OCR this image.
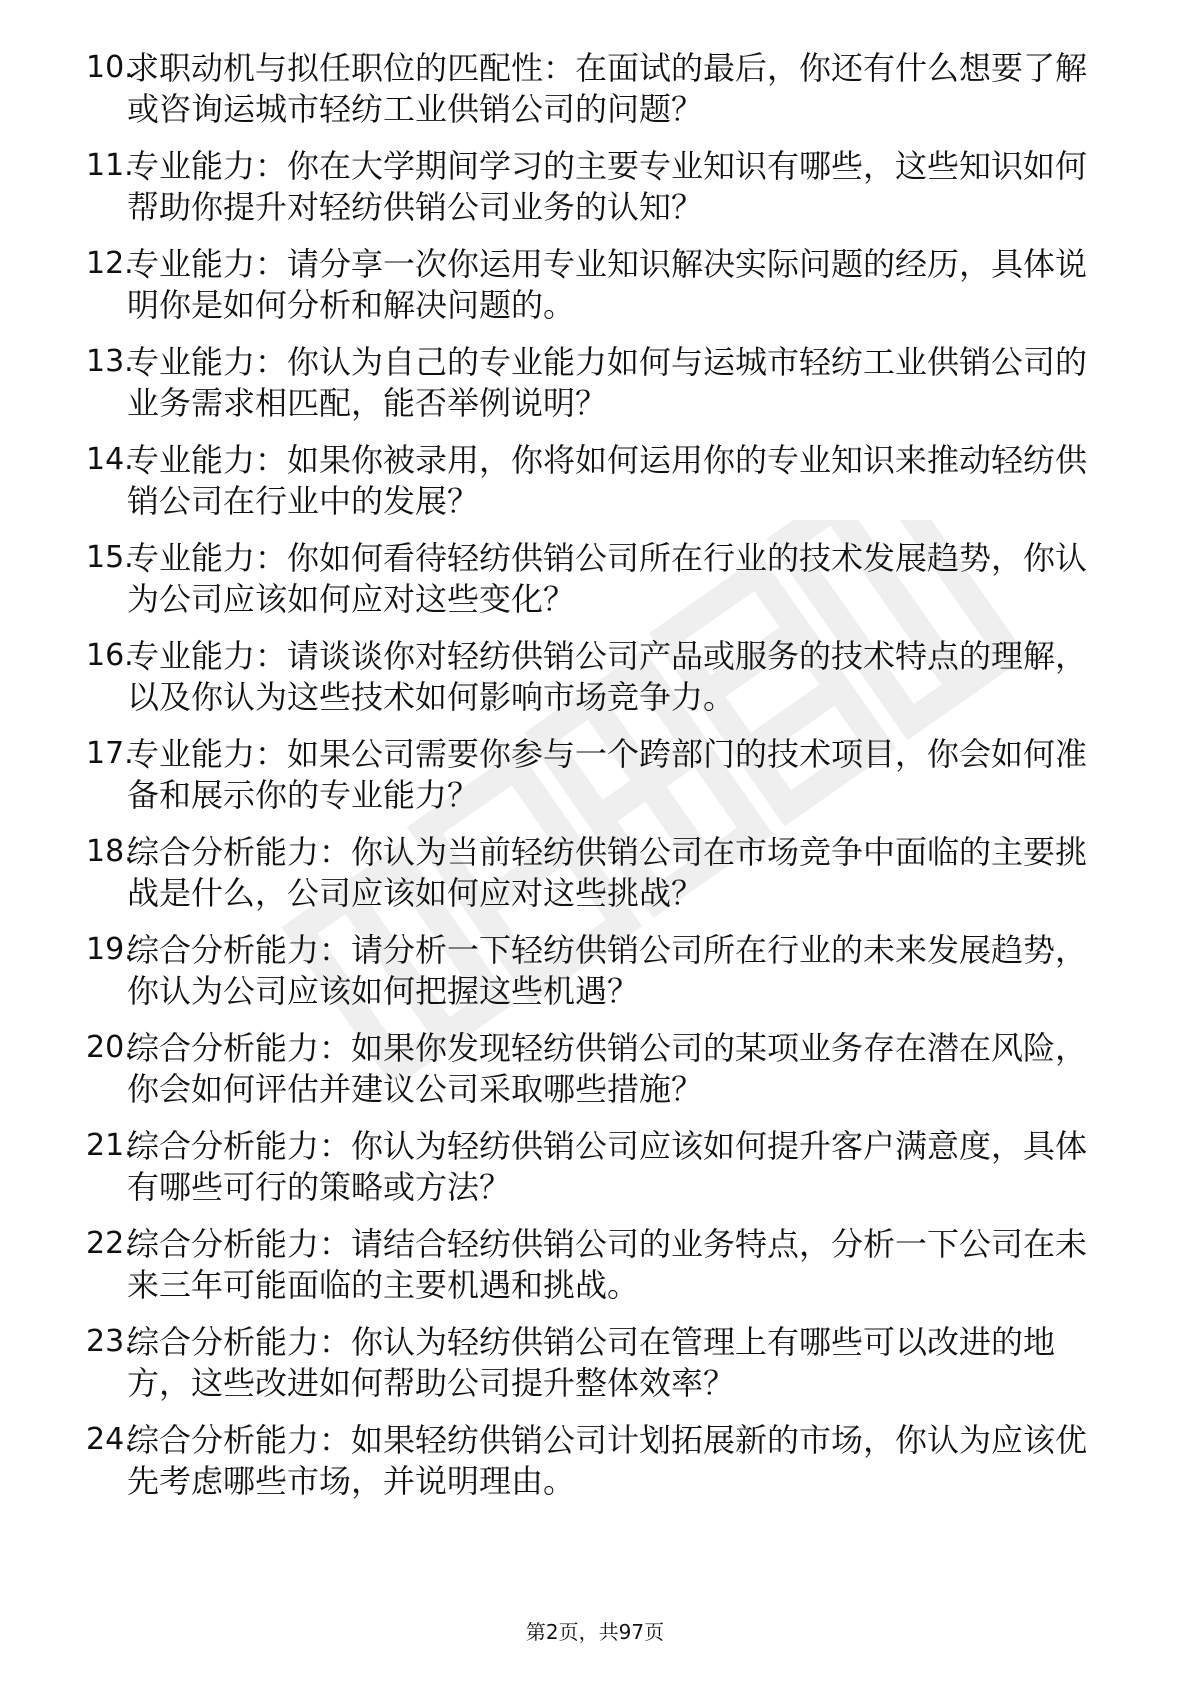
10.
求职动机与拟任职位的匹配性：在面试的最后，你还有什么想要了解或咨询运城市轻纺工业供销公司的问题？
11.
专业能力：你在大学期间学习的主要专业知识有哪些，这些知识如何帮助你提升对轻纺供销公司业务的认知？
12.
专业能力：请分享一次你运用专业知识解决实际问题的经历，具体说明你是如何分析和解决问题的。
13.
专业能力：你认为自己的专业能力如何与运城市轻纺工业供销公司的业务需求相匹配，能否举例说明？
14.
专业能力：如果你被录用，你将如何运用你的专业知识来推动轻纺供销公司在行业中的发展？
15.
专业能力：你如何看待轻纺供销公司所在行业的技术发展趋势，你认为公司应该如何应对这些变化？
16.
专业能力：请谈谈你对轻纺供销公司产品或服务的技术特点的理解，以及你认为这些技术如何影响市场竞争力。
17.
专业能力：如果公司需要你参与一个跨部门的技术项目，你会如何准备和展示你的专业能力？
18.
综合分析能力：你认为当前轻纺供销公司在市场竞争中面临的主要挑战是什么，公司应该如何应对这些挑战？
19.
综合分析能力：请分析一下轻纺供销公司所在行业的未来发展趋势，你认为公司应该如何把握这些机遇？
20.
综合分析能力：如果你发现轻纺供销公司的某项业务存在潜在风险，你会如何评估并建议公司采取哪些措施？
21.
综合分析能力：你认为轻纺供销公司应该如何提升客户满意度，具体有哪些可行的策略或方法？
22.
综合分析能力：请结合轻纺供销公司的业务特点，分析一下公司在未来三年可能面临的主要机遇和挑战。
23.
综合分析能力：你认为轻纺供销公司在管理上有哪些可以改进的地方，这些改进如何帮助公司提升整体效率？
24.
综合分析能力：如果轻纺供销公司计划拓展新的市场，你认为应该优先考虑哪些市场，并说明理由。
第2页，共97页
